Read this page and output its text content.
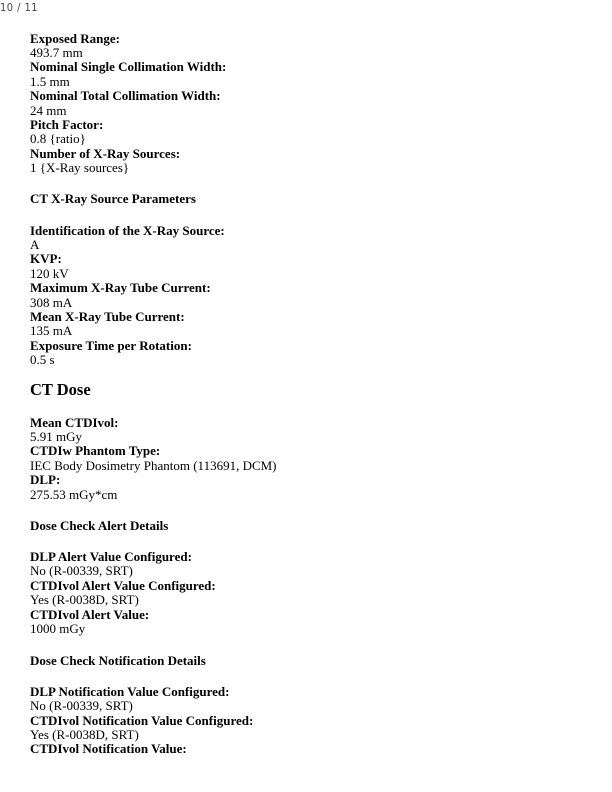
10 / 11
Exposed Range:
493.7 mm
Nominal Single Collimation Width:
1.5 mm
Nominal Total Collimation Width:
24 mm
Pitch Factor:
0.8 {ratio}
Number of X-Ray Sources:
1 {X-Ray sources}
CT X-Ray Source Parameters
Identification of the X-Ray Source:
A
KVP:
120 kV
Maximum X-Ray Tube Current:
308 mA
Mean X-Ray Tube Current:
135 mA
Exposure Time per Rotation:
0.5 s
CT Dose
Mean CTDIvol:
5.91 mGy
CTDIw Phantom Type:
IEC Body Dosimetry Phantom (113691, DCM)
DLP:
275.53 mGy*cm
Dose Check Alert Details
DLP Alert Value Configured:
No (R-00339, SRT)
CTDIvol Alert Value Configured:
Yes (R-0038D, SRT)
CTDIvol Alert Value:
1000 mGy
Dose Check Notification Details
DLP Notification Value Configured:
No (R-00339, SRT)
CTDIvol Notification Value Configured:
Yes (R-0038D, SRT)
CTDIvol Notification Value:
